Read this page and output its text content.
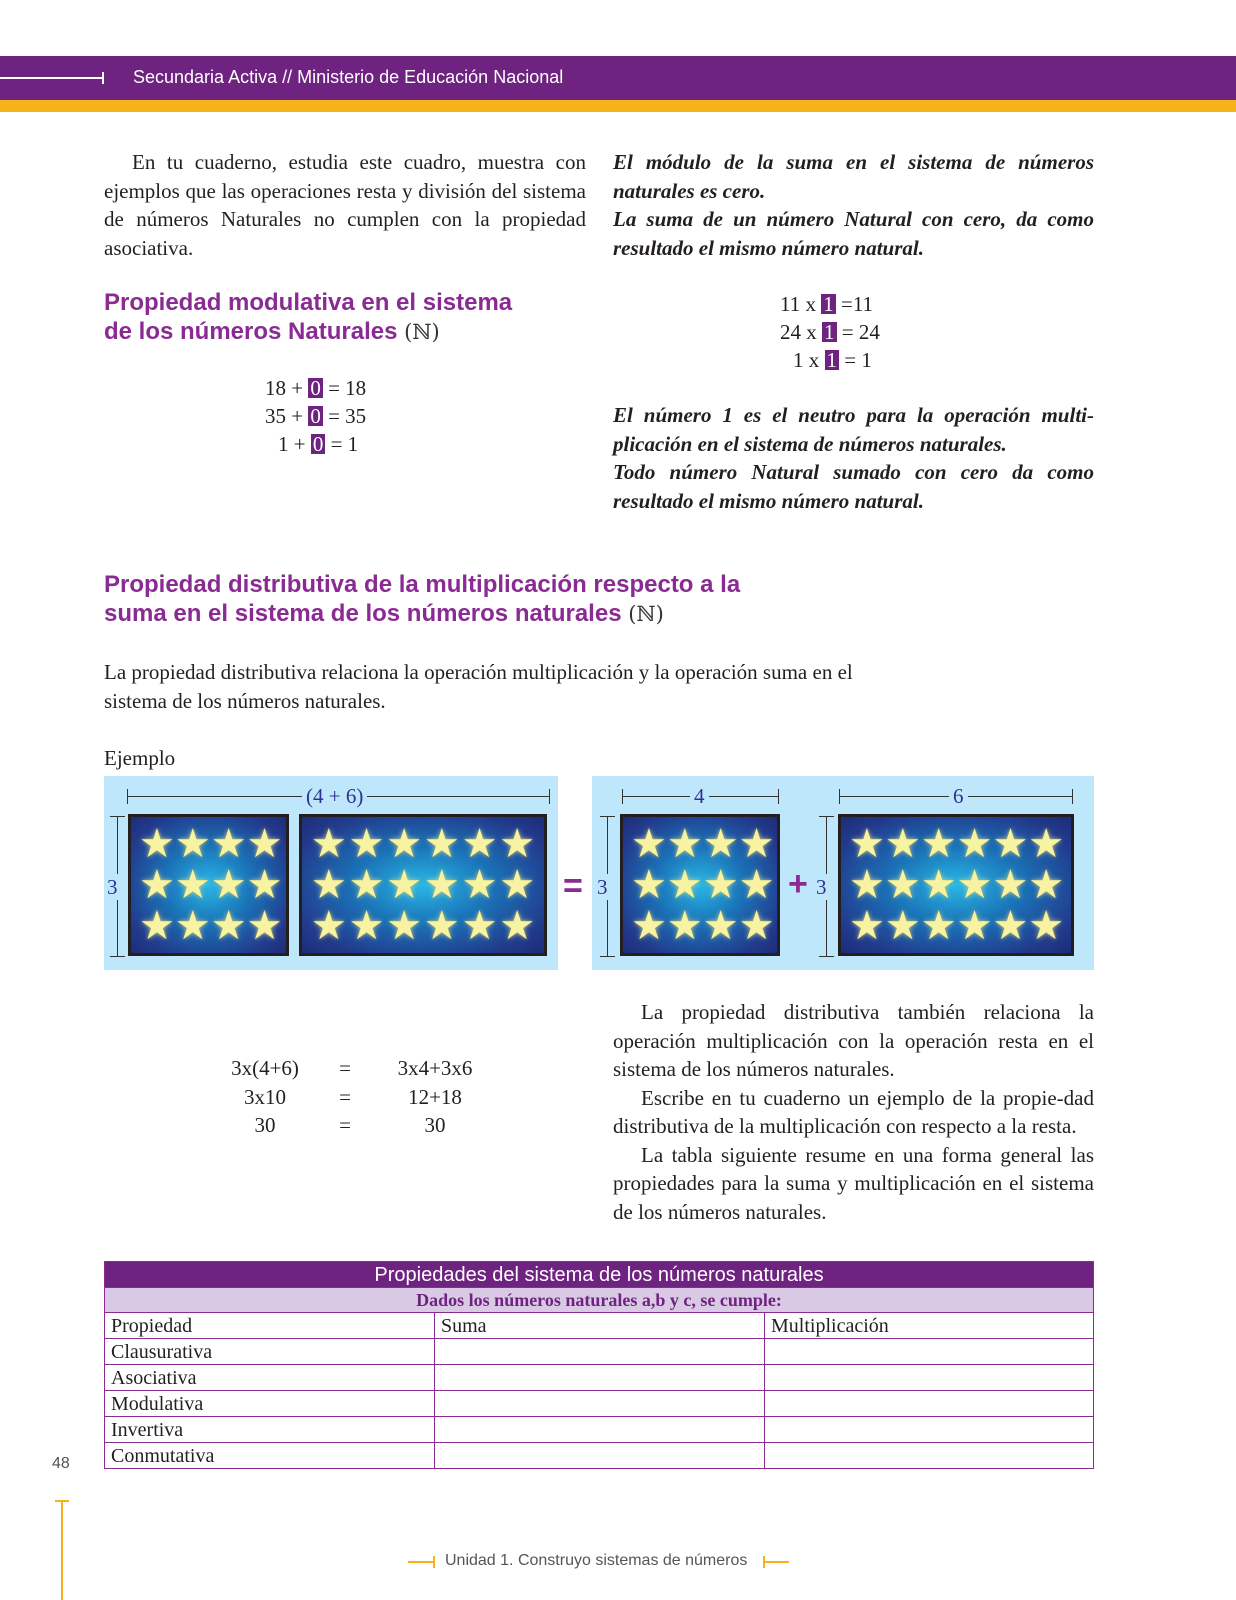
Secundaria Activa // Ministerio de Educación Nacional

En tu cuaderno, estudia este cuadro, muestra con ejemplos que las operaciones resta y división del sistema de números Naturales no cumplen con la propiedad asociativa.

Propiedad modulativa en el sistema
de los números Naturales (ℕ)
18 + 0 = 18
35 + 0 = 35
1 + 0 = 1

El módulo de la suma en el sistema de números naturales es cero.

La suma de un número Natural con cero, da como resultado el mismo número natural.

11 x 1 =11
24 x 1 = 24
1 x 1 = 1

El número 1 es el neutro para la operación multi-plicación en el sistema de números naturales.

Todo número Natural sumado con cero da como resultado el mismo número natural.

Propiedad distributiva de la multiplicación respecto a la
suma en el sistema de los números naturales (ℕ)

La propiedad distributiva relaciona la operación multiplicación y la operación suma en el sistema de los números naturales.

Ejemplo
(4 + 6)
3
★ ★ ★ ★
★ ★ ★ ★
★ ★ ★ ★
★ ★ ★ ★ ★ ★
★ ★ ★ ★ ★ ★
★ ★ ★ ★ ★ ★
=
4	6
3
★ ★ ★ ★
★ ★ ★ ★
★ ★ ★ ★
+ 3
★ ★ ★ ★ ★ ★
★ ★ ★ ★ ★ ★
★ ★ ★ ★ ★ ★
3x(4+6)	=	3x4+3x6
3x10	=	12+18
30	=	30

La propiedad distributiva también relaciona la operación multiplicación con la operación resta en el sistema de los números naturales.

Escribe en tu cuaderno un ejemplo de la propie-dad distributiva de la multiplicación con respecto a la resta.

La tabla siguiente resume en una forma general las propiedades para la suma y multiplicación en el sistema de los números naturales.

Propiedades del sistema de los números naturales		
Dados los números naturales a,b y c, se cumple:		
Propiedad	Suma	Multiplicación
Clausurativa		
Asociativa		
Modulativa		
Invertiva		
Conmutativa		
48
Unidad 1. Construyo sistemas de números
